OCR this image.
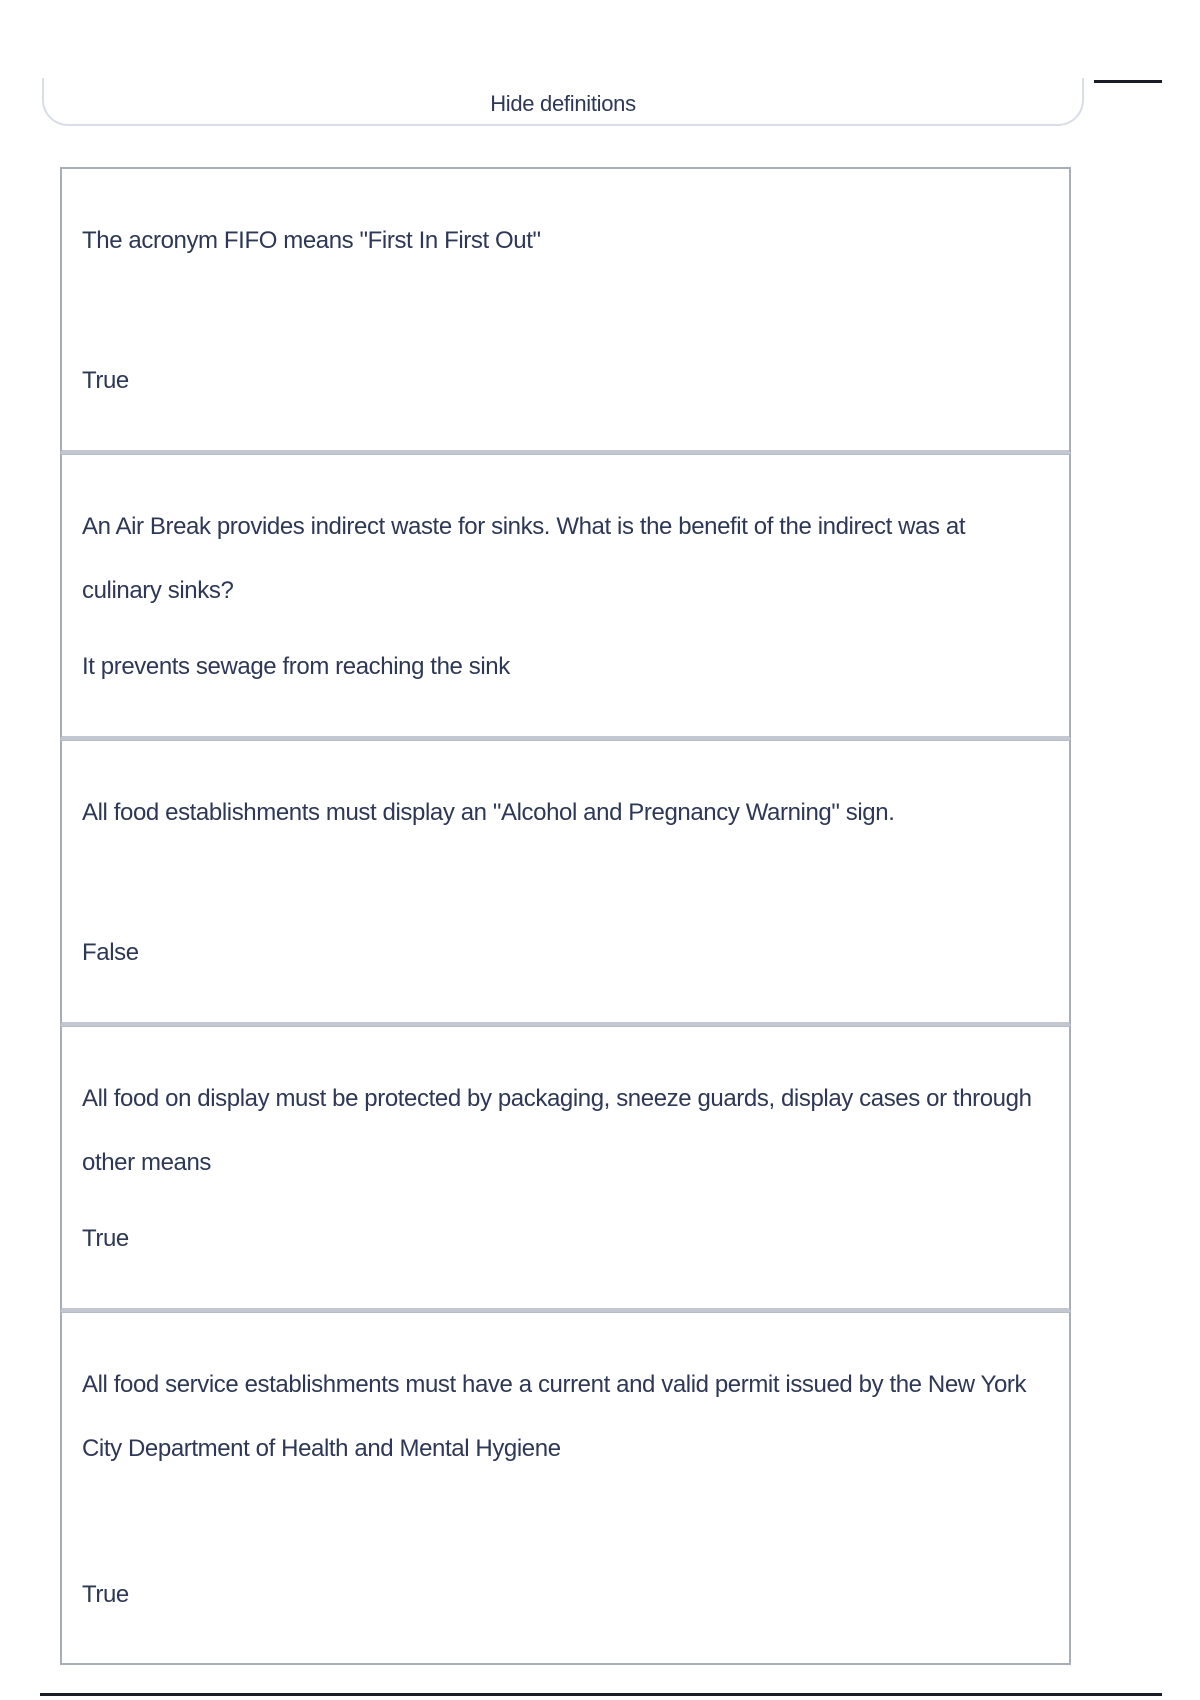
Hide definitions
The acronym FIFO means "First In First Out"
True
An Air Break provides indirect waste for sinks. What is the benefit of the indirect was at culinary sinks?
It prevents sewage from reaching the sink
All food establishments must display an "Alcohol and Pregnancy Warning" sign.
False
All food on display must be protected by packaging, sneeze guards, display cases or through other means
True
All food service establishments must have a current and valid permit issued by the New York City Department of Health and Mental Hygiene
True
